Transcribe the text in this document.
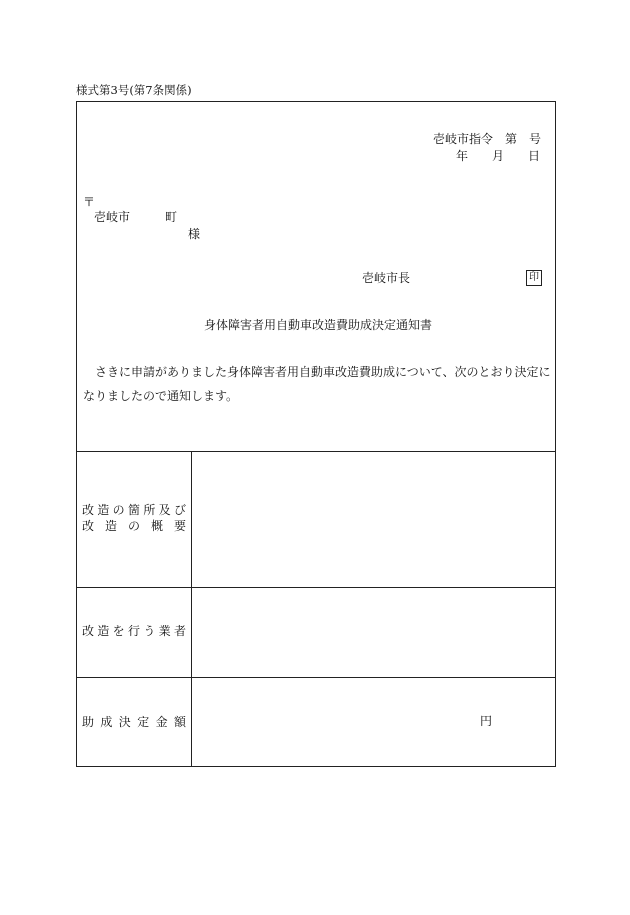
様式第3号(第7条関係)
壱岐市指令　第　号
年　　月　　日
〒
壱岐市	町
様
壱岐市長	印
身体障害者用自動車改造費助成決定通知書
さきに申請がありました身体障害者用自動車改造費助成について、次のとおり決定になりましたので通知します。
改造の箇所及び
改造の概要
改造を行う業者
助成決定金額	円
